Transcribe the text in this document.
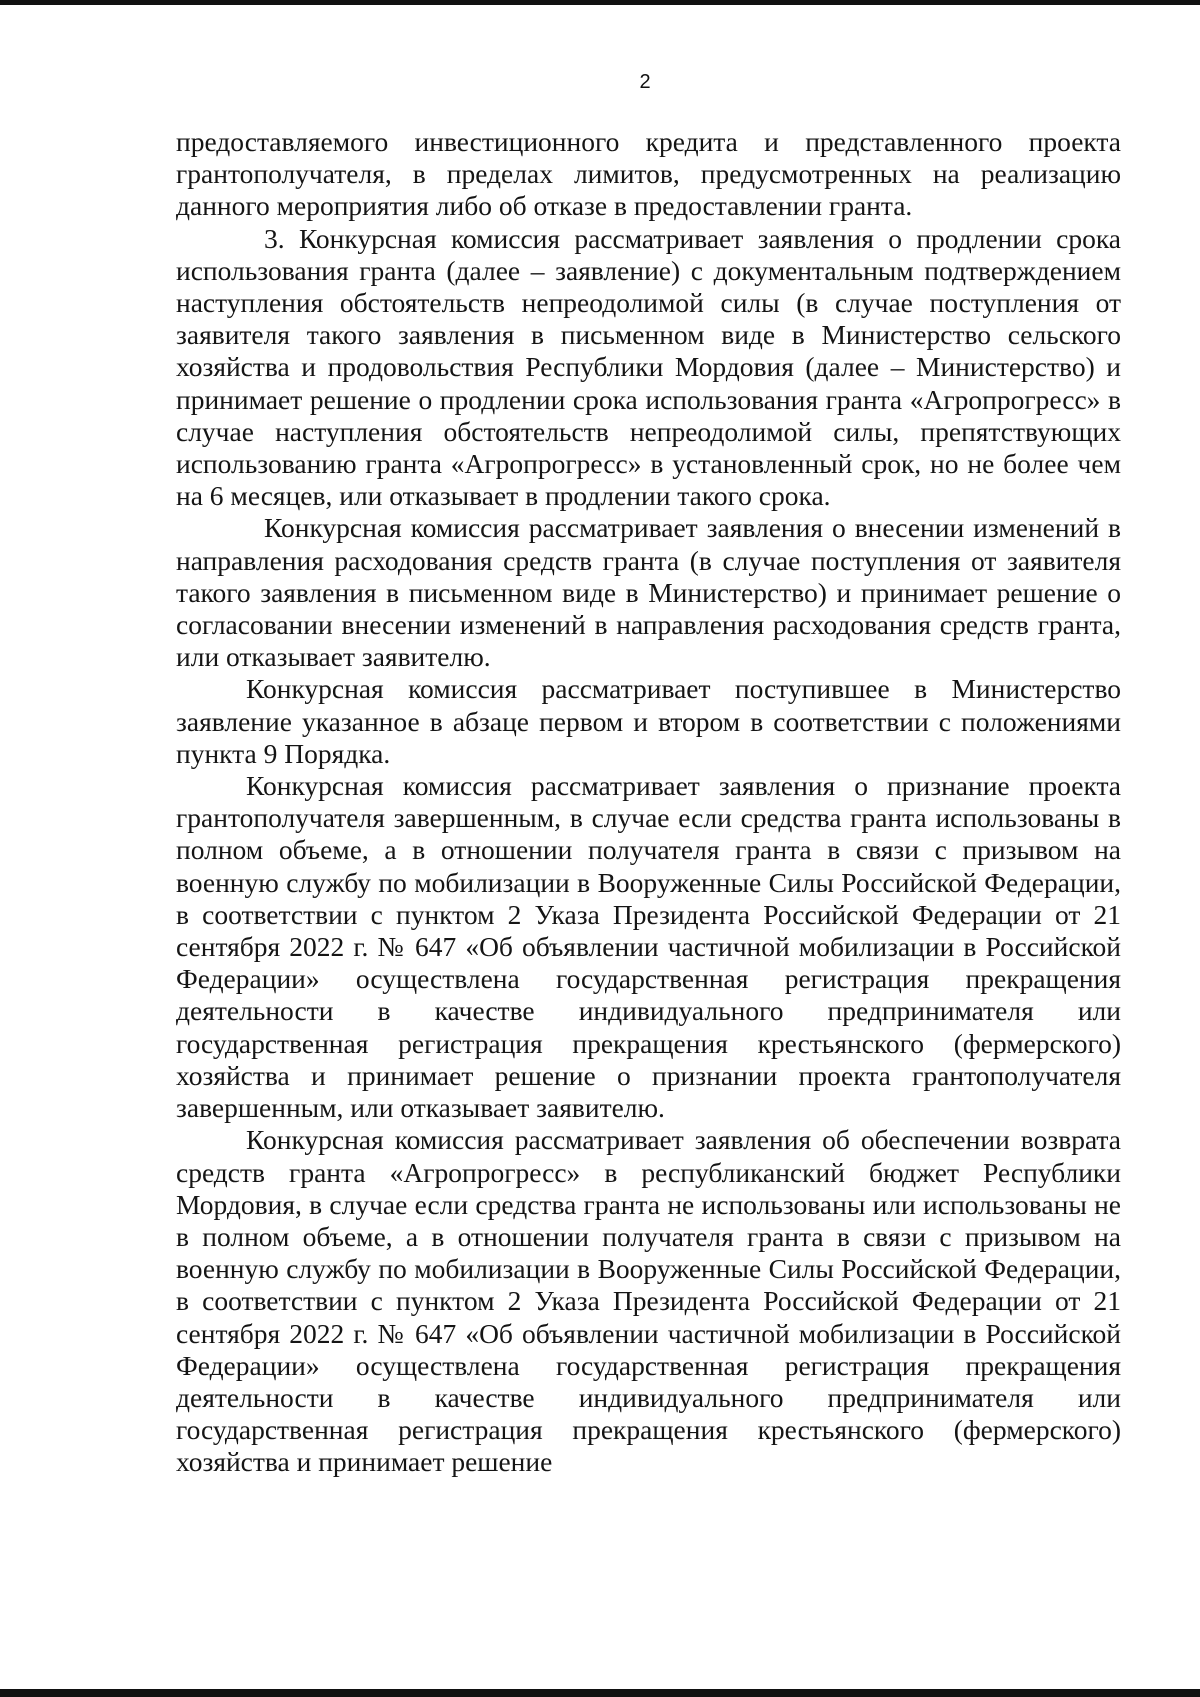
2

предоставляемого инвестиционного кредита и представленного проекта грантополучателя, в пределах лимитов, предусмотренных на реализацию данного мероприятия либо об отказе в предоставлении гранта.

3. Конкурсная комиссия рассматривает заявления о продлении срока использования гранта (далее – заявление) с документальным подтверждением наступления обстоятельств непреодолимой силы (в случае поступления от заявителя такого заявления в письменном виде в Министерство сельского хозяйства и продовольствия Республики Мордовия (далее – Министерство) и принимает решение о продлении срока использования гранта «Агропрогресс» в случае наступления обстоятельств непреодолимой силы, препятствующих использованию гранта «Агропрогресс» в установленный срок, но не более чем на 6 месяцев, или отказывает в продлении такого срока.

Конкурсная комиссия рассматривает заявления о внесении изменений в направления расходования средств гранта (в случае поступления от заявителя такого заявления в письменном виде в Министерство) и принимает решение о согласовании внесении изменений в направления расходования средств гранта, или отказывает заявителю.

Конкурсная комиссия рассматривает поступившее в Министерство заявление указанное в абзаце первом и втором в соответствии с положениями пункта 9 Порядка.

Конкурсная комиссия рассматривает заявления о признание проекта грантополучателя завершенным, в случае если средства гранта использованы в полном объеме, а в отношении получателя гранта в связи с призывом на военную службу по мобилизации в Вооруженные Силы Российской Федерации, в соответствии с пунктом 2 Указа Президента Российской Федерации от 21 сентября 2022 г. № 647 «Об объявлении частичной мобилизации в Российской Федерации» осуществлена государственная регистрация прекращения деятельности в качестве индивидуального предпринимателя или государственная регистрация прекращения крестьянского (фермерского) хозяйства и принимает решение о признании проекта грантополучателя завершенным, или отказывает заявителю.

Конкурсная комиссия рассматривает заявления об обеспечении возврата средств гранта «Агропрогресс» в республиканский бюджет Республики Мордовия, в случае если средства гранта не использованы или использованы не в полном объеме, а в отношении получателя гранта в связи с призывом на военную службу по мобилизации в Вооруженные Силы Российской Федерации, в соответствии с пунктом 2 Указа Президента Российской Федерации от 21 сентября 2022 г. № 647 «Об объявлении частичной мобилизации в Российской Федерации» осуществлена государственная регистрация прекращения деятельности в качестве индивидуального предпринимателя или государственная регистрация прекращения крестьянского (фермерского) хозяйства и принимает решение
